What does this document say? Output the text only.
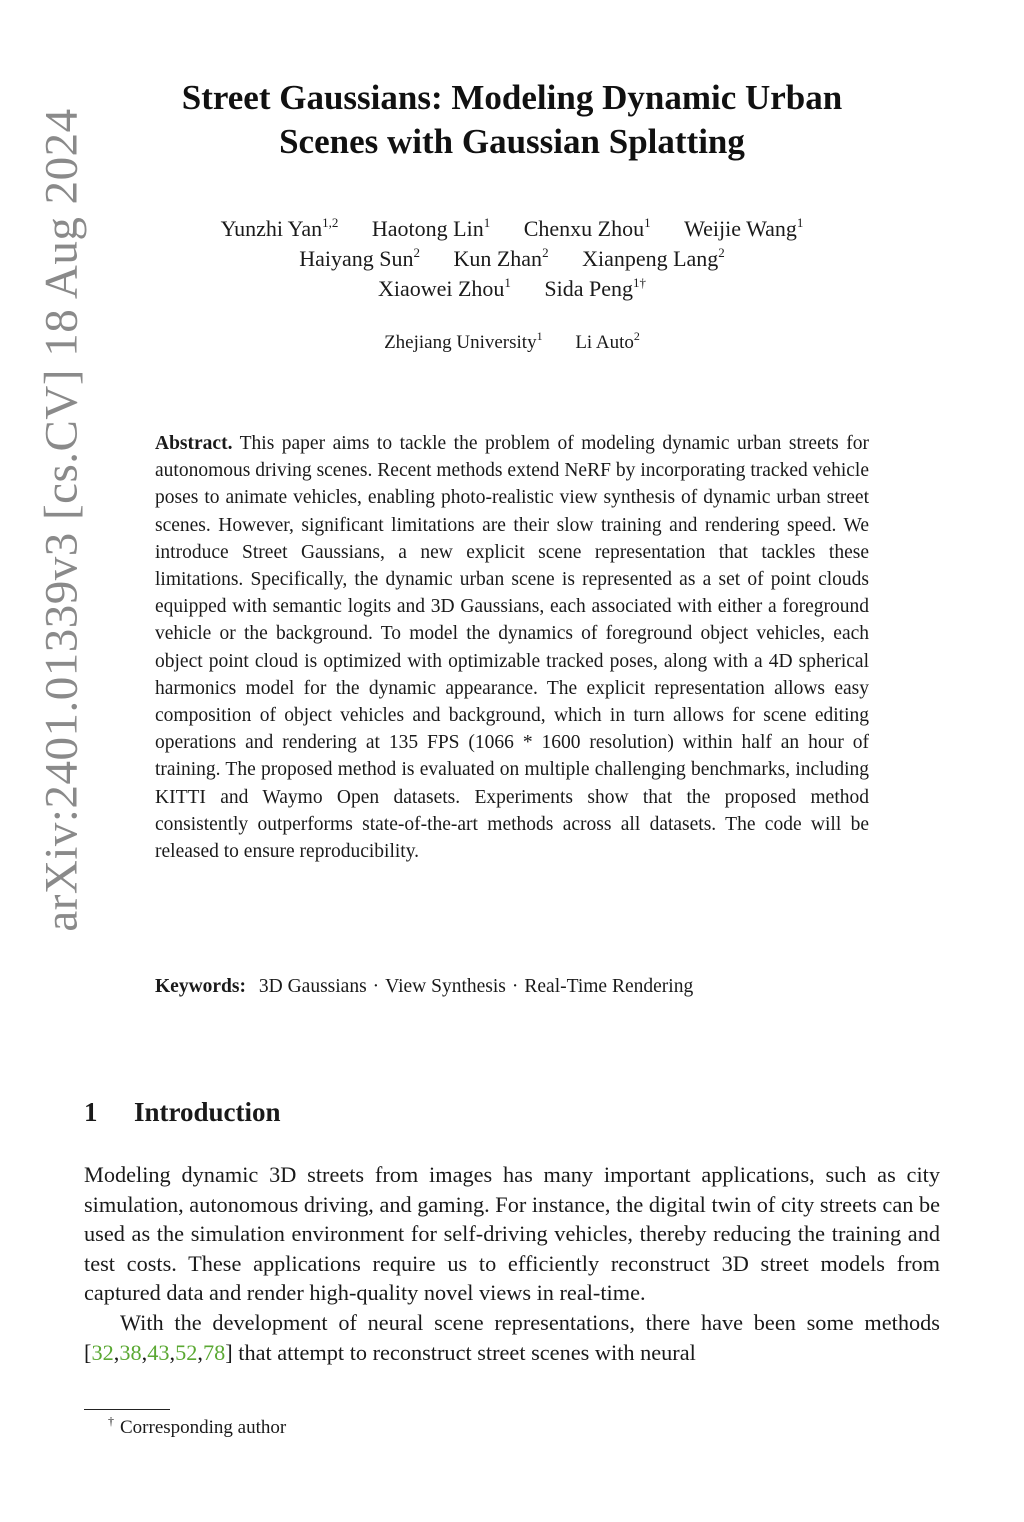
arXiv:2401.01339v3 [cs.CV] 18 Aug 2024
Street Gaussians: Modeling Dynamic Urban
Scenes with Gaussian Splatting
Yunzhi Yan$^{1,2}$ Haotong Lin$^1$ Chenxu Zhou$^1$ Weijie Wang$^1$
Haiyang Sun$^2$ Kun Zhan$^2$ Xianpeng Lang$^2$
Xiaowei Zhou$^1$ Sida Peng$^{1\dagger}$
Zhejiang University$^1$ Li Auto$^2$
Abstract. This paper aims to tackle the problem of modeling dynamic urban streets for autonomous driving scenes. Recent methods extend NeRF by incorporating tracked vehicle poses to animate vehicles, enabling photo-realistic view synthesis of dynamic urban street scenes. However, significant limitations are their slow training and rendering speed. We introduce Street Gaussians, a new explicit scene representation that tackles these limitations. Specifically, the dynamic urban scene is represented as a set of point clouds equipped with semantic logits and 3D Gaussians, each associated with either a foreground vehicle or the background. To model the dynamics of foreground object vehicles, each object point cloud is optimized with optimizable tracked poses, along with a 4D spherical harmonics model for the dynamic appearance. The explicit representation allows easy composition of object vehicles and background, which in turn allows for scene editing operations and rendering at 135 FPS (1066 * 1600 resolution) within half an hour of training. The proposed method is evaluated on multiple challenging benchmarks, including KITTI and Waymo Open datasets. Experiments show that the proposed method consistently outperforms state-of-the-art methods across all datasets. The code will be released to ensure reproducibility.
Keywords: 3D Gaussians · View Synthesis · Real-Time Rendering
1 Introduction

Modeling dynamic 3D streets from images has many important applications, such as city simulation, autonomous driving, and gaming. For instance, the digital twin of city streets can be used as the simulation environment for self-driving vehicles, thereby reducing the training and test costs. These applications require us to efficiently reconstruct 3D street models from captured data and render high-quality novel views in real-time.

With the development of neural scene representations, there have been some methods [32,38,43,52,78] that attempt to reconstruct street scenes with neural

† Corresponding author
